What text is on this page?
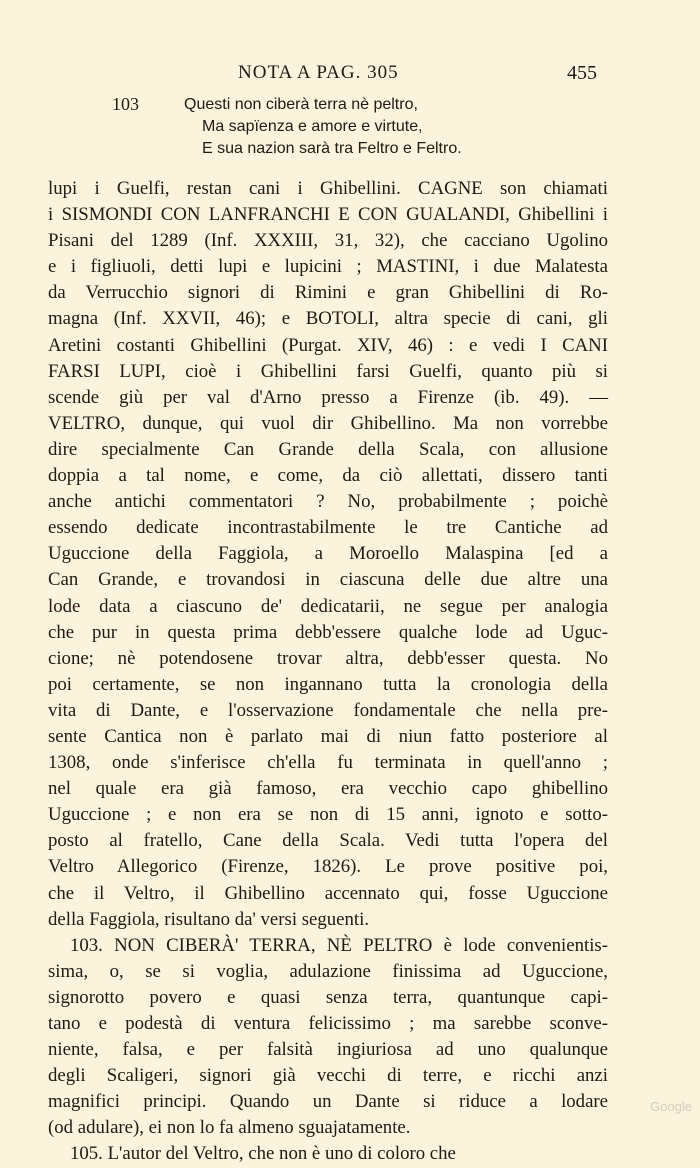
NOTA A PAG. 305	455
103	Questi non ciberà terra nè peltro,
Ma sapïenza e amore e virtute,
E sua nazion sarà tra Feltro e Feltro.
lupi i Guelfi, restan cani i Ghibellini. CAGNE son chiamati
i SISMONDI CON LANFRANCHI E CON GUALANDI, Ghibellini i
Pisani del 1289 (Inf. XXXIII, 31, 32), che cacciano Ugolino
e i figliuoli, detti lupi e lupicini ; MASTINI, i due Malatesta
da Verrucchio signori di Rimini e gran Ghibellini di Ro-
magna (Inf. XXVII, 46); e BOTOLI, altra specie di cani, gli
Aretini costanti Ghibellini (Purgat. XIV, 46) : e vedi I CANI
FARSI LUPI, cioè i Ghibellini farsi Guelfi, quanto più si
scende giù per val d'Arno presso a Firenze (ib. 49). —
VELTRO, dunque, qui vuol dir Ghibellino. Ma non vorrebbe
dire specialmente Can Grande della Scala, con allusione
doppia a tal nome, e come, da ciò allettati, dissero tanti
anche antichi commentatori ? No, probabilmente ; poichè
essendo dedicate incontrastabilmente le tre Cantiche ad
Uguccione della Faggiola, a Moroello Malaspina [ed a
Can Grande, e trovandosi in ciascuna delle due altre una
lode data a ciascuno de' dedicatarii, ne segue per analogia
che pur in questa prima debb'essere qualche lode ad Uguc-
cione; nè potendosene trovar altra, debb'esser questa. No
poi certamente, se non ingannano tutta la cronologia della
vita di Dante, e l'osservazione fondamentale che nella pre-
sente Cantica non è parlato mai di niun fatto posteriore al
1308, onde s'inferisce ch'ella fu terminata in quell'anno ;
nel quale era già famoso, era vecchio capo ghibellino
Uguccione ; e non era se non di 15 anni, ignoto e sotto-
posto al fratello, Cane della Scala. Vedi tutta l'opera del
Veltro Allegorico (Firenze, 1826). Le prove positive poi,
che il Veltro, il Ghibellino accennato qui, fosse Uguccione
della Faggiola, risultano da' versi seguenti.
103. NON CIBERÀ' TERRA, NÈ PELTRO è lode convenientis-
sima, o, se si voglia, adulazione finissima ad Uguccione,
signorotto povero e quasi senza terra, quantunque capi-
tano e podestà di ventura felicissimo ; ma sarebbe sconve-
niente, falsa, e per falsità ingiuriosa ad uno qualunque
degli Scaligeri, signori già vecchi di terre, e ricchi anzi
magnifici principi. Quando un Dante si riduce a lodare
(od adulare), ei non lo fa almeno sguajatamente.
105. L'autor del Veltro, che non è uno di coloro che
Google
